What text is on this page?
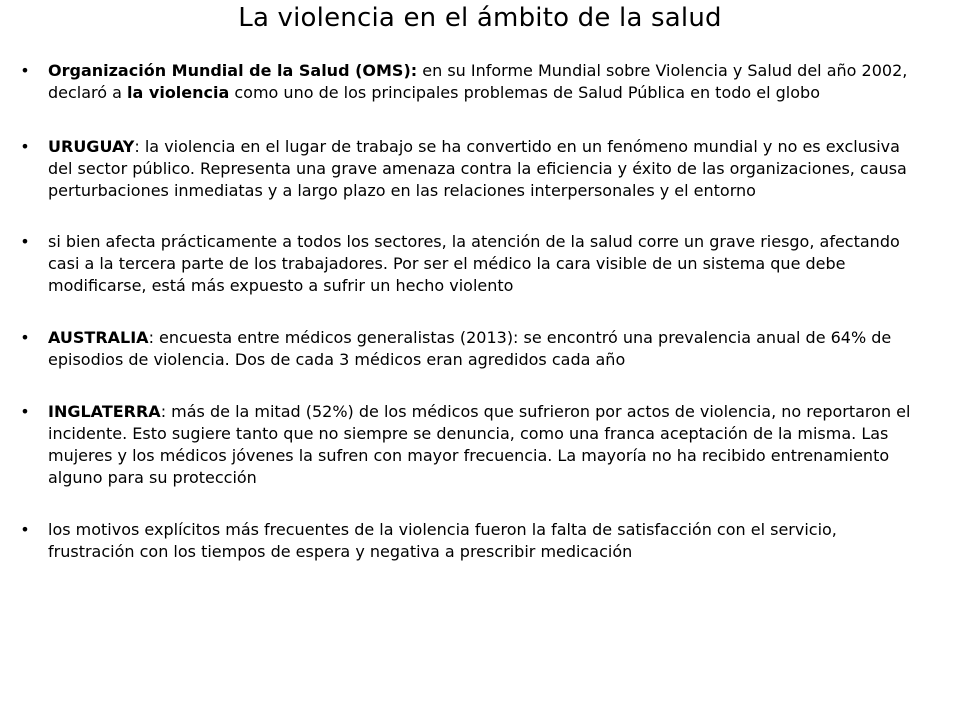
La violencia en el ámbito de la salud
• Organización Mundial de la Salud (OMS): en su Informe Mundial sobre Violencia y Salud del año 2002, declaró a la violencia como uno de los principales problemas de Salud Pública en todo el globo
• URUGUAY: la violencia en el lugar de trabajo se ha convertido en un fenómeno mundial y no es exclusiva del sector público. Representa una grave amenaza contra la eficiencia y éxito de las organizaciones, causa perturbaciones inmediatas y a largo plazo en las relaciones interpersonales y el entorno
• si bien afecta prácticamente a todos los sectores, la atención de la salud corre un grave riesgo, afectando casi a la tercera parte de los trabajadores. Por ser el médico la cara visible de un sistema que debe modificarse, está más expuesto a sufrir un hecho violento
• AUSTRALIA: encuesta entre médicos generalistas (2013): se encontró una prevalencia anual de 64% de episodios de violencia. Dos de cada 3 médicos eran agredidos cada año
• INGLATERRA: más de la mitad (52%) de los médicos que sufrieron por actos de violencia, no reportaron el incidente. Esto sugiere tanto que no siempre se denuncia, como una franca aceptación de la misma. Las mujeres y los médicos jóvenes la sufren con mayor frecuencia. La mayoría no ha recibido entrenamiento alguno para su protección
• los motivos explícitos más frecuentes de la violencia fueron la falta de satisfacción con el servicio, frustración con los tiempos de espera y negativa a prescribir medicación
